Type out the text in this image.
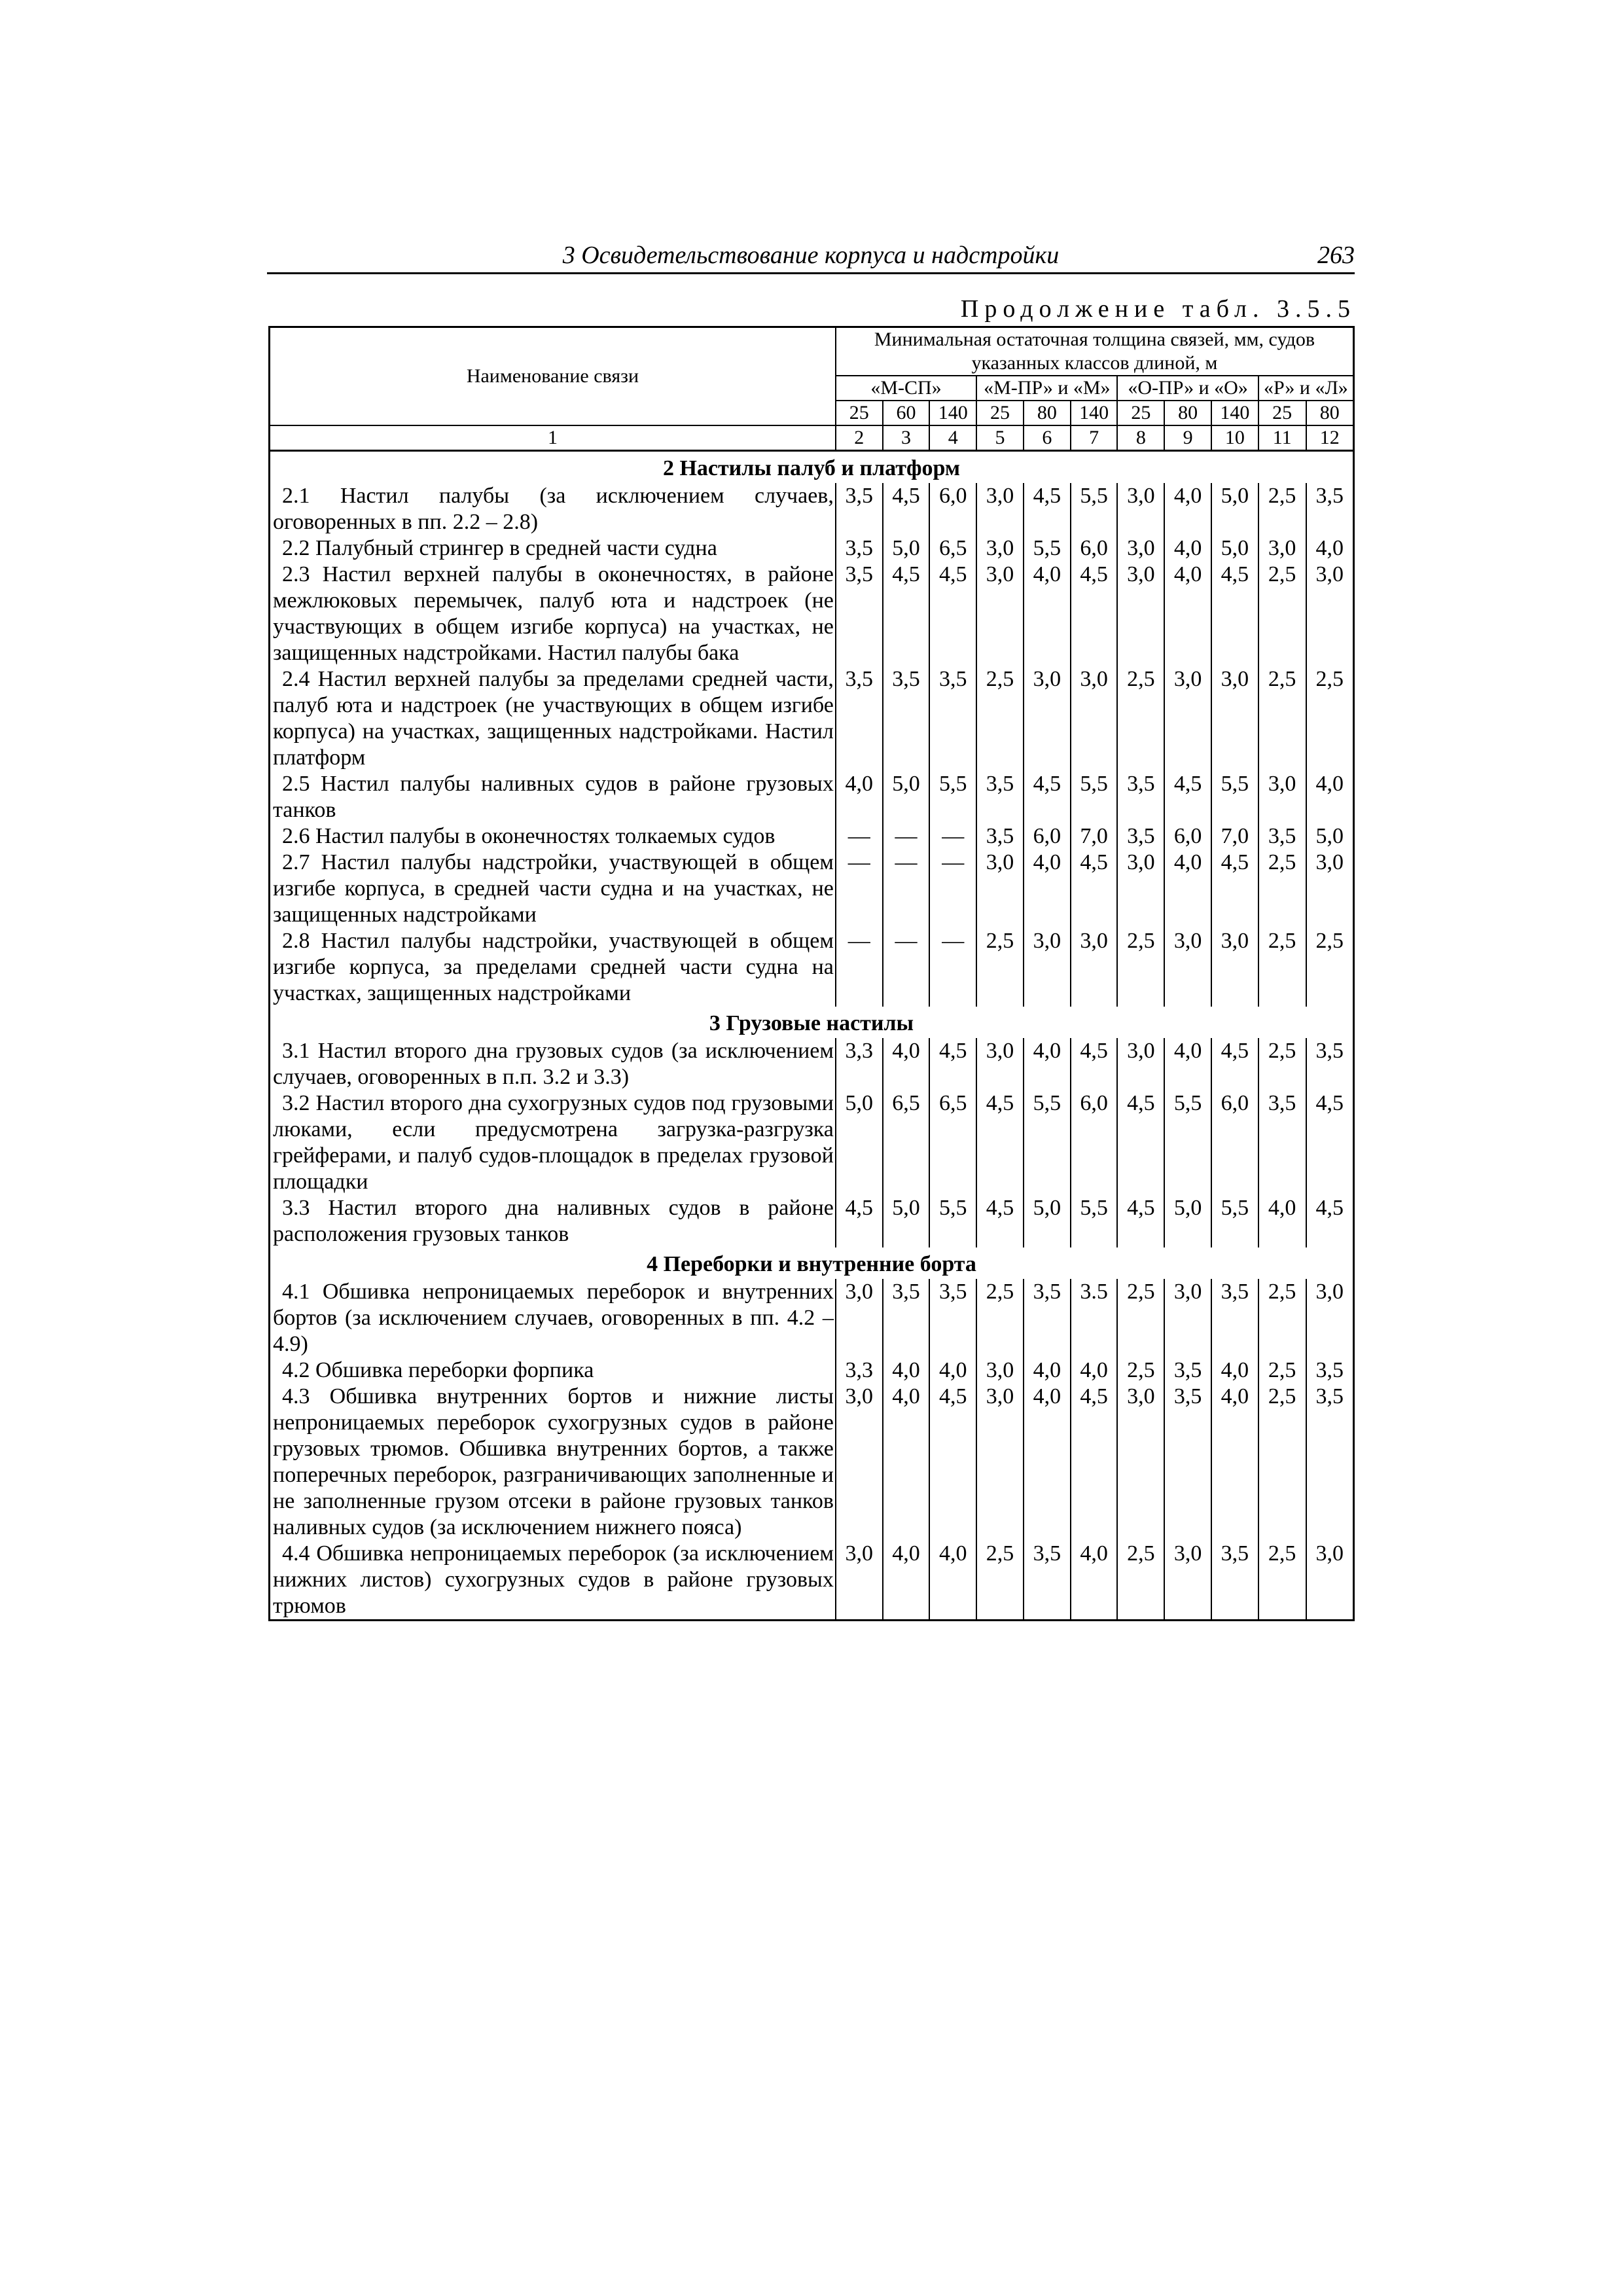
3 Освидетельствование корпуса и надстройки	263
Продолжение табл. 3.5.5
Наименование связи	Минимальная остаточная толщина связей, мм, судов указанных классов длиной, м										
	«М-СП»			«М-ПР» и «М»			«О-ПР» и «О»			«Р» и «Л»	
	25	60	140	25	80	140	25	80	140	25	80
1	2	3	4	5	6	7	8	9	10	11	12
2 Настилы палуб и платформ											
2.1 Настил палубы (за исключением случаев, оговоренных в пп. 2.2 – 2.8)	3,5	4,5	6,0	3,0	4,5	5,5	3,0	4,0	5,0	2,5	3,5
2.2 Палубный стрингер в средней части судна	3,5	5,0	6,5	3,0	5,5	6,0	3,0	4,0	5,0	3,0	4,0
2.3 Настил верхней палубы в оконечностях, в районе межлюковых перемычек, палуб юта и надстроек (не участвующих в общем изгибе корпуса) на участках, не защищенных надстройками. Настил палубы бака	3,5	4,5	4,5	3,0	4,0	4,5	3,0	4,0	4,5	2,5	3,0
2.4 Настил верхней палубы за пределами средней части, палуб юта и надстроек (не участвующих в общем изгибе корпуса) на участках, защищенных надстройками. Настил платформ	3,5	3,5	3,5	2,5	3,0	3,0	2,5	3,0	3,0	2,5	2,5
2.5 Настил палубы наливных судов в районе грузовых танков	4,0	5,0	5,5	3,5	4,5	5,5	3,5	4,5	5,5	3,0	4,0
2.6 Настил палубы в оконечностях толкаемых судов	—	—	—	3,5	6,0	7,0	3,5	6,0	7,0	3,5	5,0
2.7 Настил палубы надстройки, участвующей в общем изгибе корпуса, в средней части судна и на участках, не защищенных надстройками	—	—	—	3,0	4,0	4,5	3,0	4,0	4,5	2,5	3,0
2.8 Настил палубы надстройки, участвующей в общем изгибе корпуса, за пределами средней части судна на участках, защищенных надстройками	—	—	—	2,5	3,0	3,0	2,5	3,0	3,0	2,5	2,5
3 Грузовые настилы											
3.1 Настил второго дна грузовых судов (за исключением случаев, оговоренных в п.п. 3.2 и 3.3)	3,3	4,0	4,5	3,0	4,0	4,5	3,0	4,0	4,5	2,5	3,5
3.2 Настил второго дна сухогрузных судов под грузовыми люками, если предусмотрена загрузка-разгрузка грейферами, и палуб судов-площадок в пределах грузовой площадки	5,0	6,5	6,5	4,5	5,5	6,0	4,5	5,5	6,0	3,5	4,5
3.3 Настил второго дна наливных судов в районе расположения грузовых танков	4,5	5,0	5,5	4,5	5,0	5,5	4,5	5,0	5,5	4,0	4,5
4 Переборки и внутренние борта											
4.1 Обшивка непроницаемых переборок и внутренних бортов (за исключением случаев, оговоренных в пп. 4.2 – 4.9)	3,0	3,5	3,5	2,5	3,5	3.5	2,5	3,0	3,5	2,5	3,0
4.2 Обшивка переборки форпика	3,3	4,0	4,0	3,0	4,0	4,0	2,5	3,5	4,0	2,5	3,5
4.3 Обшивка внутренних бортов и нижние листы непроницаемых переборок сухогрузных судов в районе грузовых трюмов. Обшивка внутренних бортов, а также поперечных переборок, разграничивающих заполненные и не заполненные грузом отсеки в районе грузовых танков наливных судов (за исключением нижнего пояса)	3,0	4,0	4,5	3,0	4,0	4,5	3,0	3,5	4,0	2,5	3,5
4.4 Обшивка непроницаемых переборок (за исключением нижних листов) сухогрузных судов в районе грузовых трюмов	3,0	4,0	4,0	2,5	3,5	4,0	2,5	3,0	3,5	2,5	3,0
